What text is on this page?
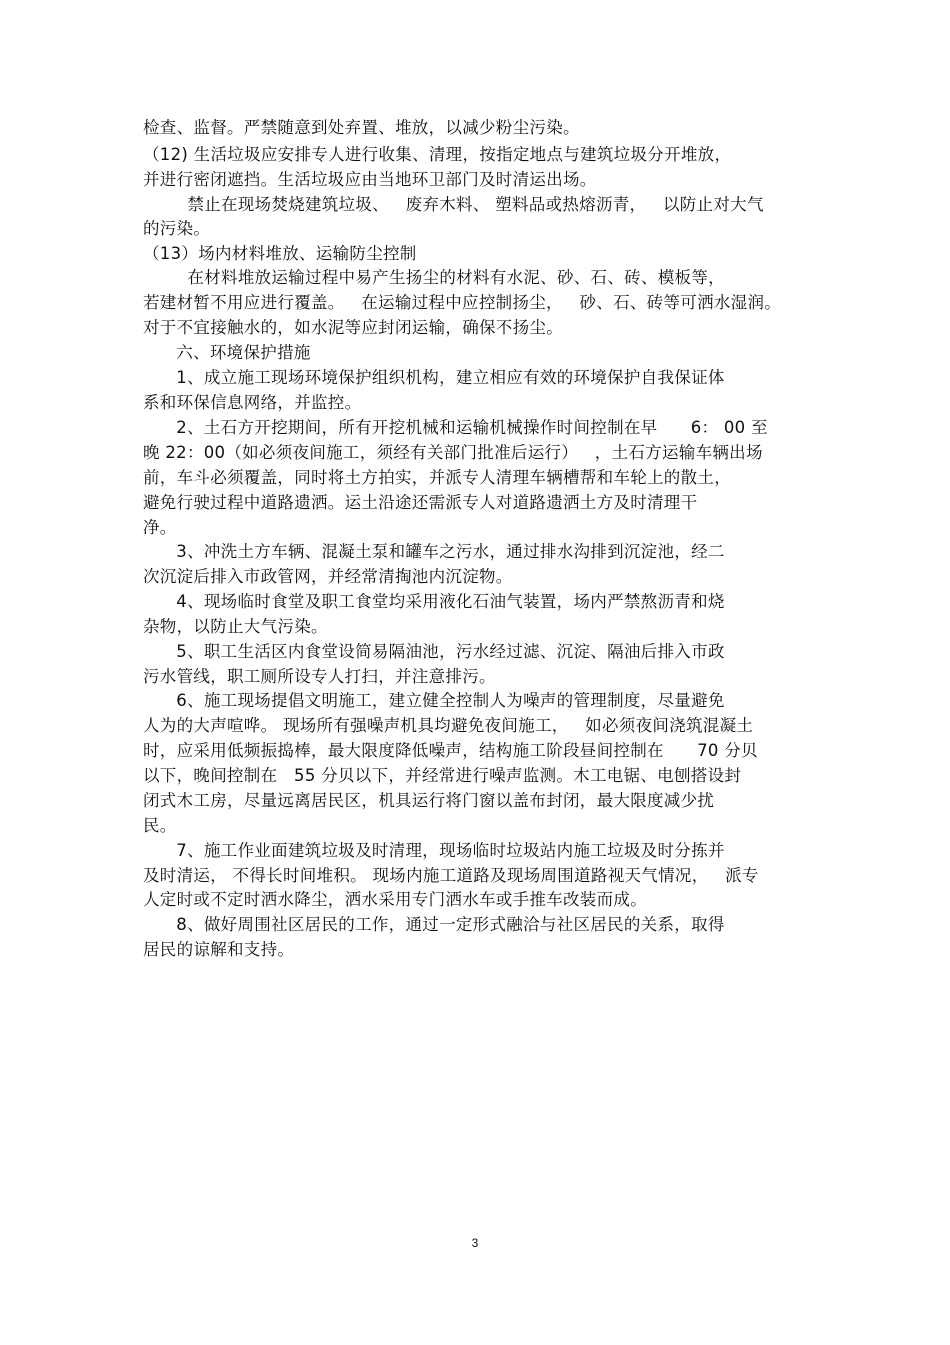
检查、监督。严禁随意到处弃置、堆放，以减少粉尘污染。
（12) 生活垃圾应安排专人进行收集、清理，按指定地点与建筑垃圾分开堆放，
并进行密闭遮挡。生活垃圾应由当地环卫部门及时清运出场。
禁止在现场焚烧建筑垃圾、   废弃木料、 塑料品或热熔沥青，   以防止对大气
的污染。
（13）场内材料堆放、运输防尘控制
在材料堆放运输过程中易产生扬尘的材料有水泥、砂、石、砖、模板等，
若建材暂不用应进行覆盖。   在运输过程中应控制扬尘，   砂、石、砖等可洒水湿润。
对于不宜接触水的，如水泥等应封闭运输，确保不扬尘。
六、环境保护措施
1、成立施工现场环境保护组织机构，建立相应有效的环境保护自我保证体
系和环保信息网络，并监控。
2、土石方开挖期间，所有开挖机械和运输机械操作时间控制在早      6： 00 至
晚 22：00（如必须夜间施工，须经有关部门批准后运行）   ，土石方运输车辆出场
前，车斗必须覆盖，同时将土方拍实，并派专人清理车辆槽帮和车轮上的散土，
避免行驶过程中道路遗洒。运土沿途还需派专人对道路遗洒土方及时清理干
净。
3、冲洗土方车辆、混凝土泵和罐车之污水，通过排水沟排到沉淀池，经二
次沉淀后排入市政管网，并经常清掏池内沉淀物。
4、现场临时食堂及职工食堂均采用液化石油气装置，场内严禁熬沥青和烧
杂物，以防止大气污染。
5、职工生活区内食堂设简易隔油池，污水经过滤、沉淀、隔油后排入市政
污水管线，职工厕所设专人打扫，并注意排污。
6、施工现场提倡文明施工，建立健全控制人为噪声的管理制度，尽量避免
人为的大声喧哗。 现场所有强噪声机具均避免夜间施工，   如必须夜间浇筑混凝土
时，应采用低频振捣棒，最大限度降低噪声，结构施工阶段昼间控制在      70 分贝
以下，晚间控制在   55 分贝以下，并经常进行噪声监测。木工电锯、电刨搭设封
闭式木工房，尽量远离居民区，机具运行将门窗以盖布封闭，最大限度减少扰
民。
7、施工作业面建筑垃圾及时清理，现场临时垃圾站内施工垃圾及时分拣并
及时清运， 不得长时间堆积。 现场内施工道路及现场周围道路视天气情况，   派专
人定时或不定时洒水降尘，洒水采用专门洒水车或手推车改装而成。
8、做好周围社区居民的工作，通过一定形式融洽与社区居民的关系，取得
居民的谅解和支持。
3
